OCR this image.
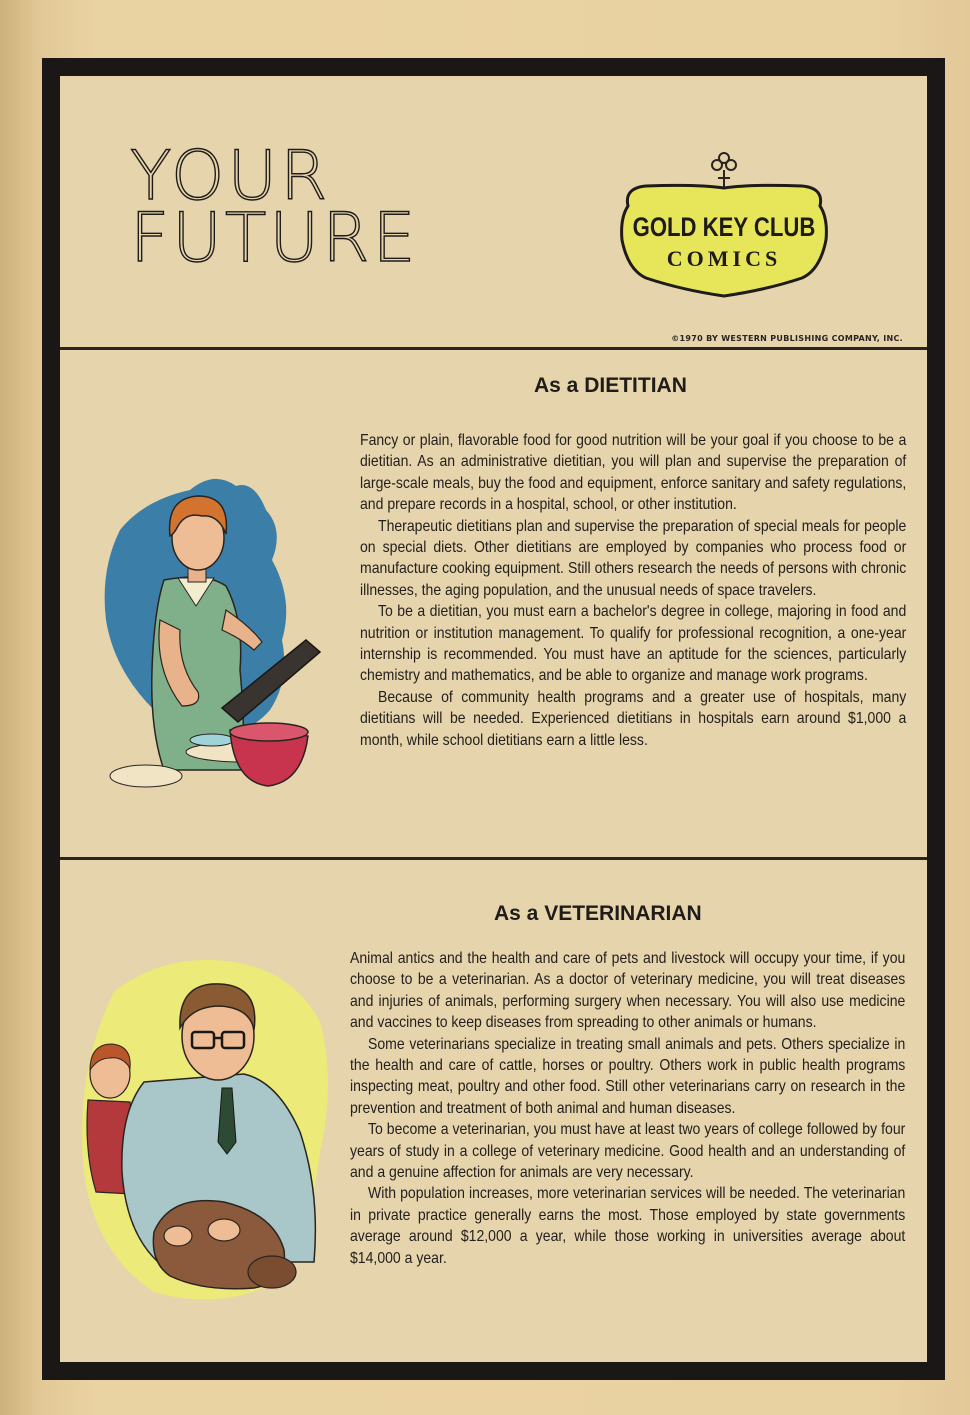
YOUR
FUTURE	GOLD KEY CLUB
COMICS
©1970 BY WESTERN PUBLISHING COMPANY, INC.
As a DIETITIAN

Fancy or plain, flavorable food for good nutrition will be your goal if you choose to be a dietitian. As an administrative dietitian, you will plan and supervise the preparation of large-scale meals, buy the food and equipment, enforce sanitary and safety regulations, and prepare records in a hospital, school, or other institution.

Therapeutic dietitians plan and supervise the preparation of special meals for people on special diets. Other dietitians are employed by companies who process food or manufacture cooking equipment. Still others research the needs of persons with chronic illnesses, the aging population, and the unusual needs of space travelers.

To be a dietitian, you must earn a bachelor's degree in college, majoring in food and nutrition or institution management. To qualify for professional recognition, a one-year internship is recommended. You must have an aptitude for the sciences, particularly chemistry and mathematics, and be able to organize and manage work programs.

Because of community health programs and a greater use of hospitals, many dietitians will be needed. Experienced dietitians in hospitals earn around $1,000 a month, while school dietitians earn a little less.

As a VETERINARIAN

Animal antics and the health and care of pets and livestock will occupy your time, if you choose to be a veterinarian. As a doctor of veterinary medicine, you will treat diseases and injuries of animals, performing surgery when necessary. You will also use medicine and vaccines to keep diseases from spreading to other animals or humans.

Some veterinarians specialize in treating small animals and pets. Others specialize in the health and care of cattle, horses or poultry. Others work in public health programs inspecting meat, poultry and other food. Still other veterinarians carry on research in the prevention and treatment of both animal and human diseases.

To become a veterinarian, you must have at least two years of college followed by four years of study in a college of veterinary medicine. Good health and an understanding of and a genuine affection for animals are very necessary.

With population increases, more veterinarian services will be needed. The veterinarian in private practice generally earns the most. Those employed by state governments average around $12,000 a year, while those working in universities average about $14,000 a year.
